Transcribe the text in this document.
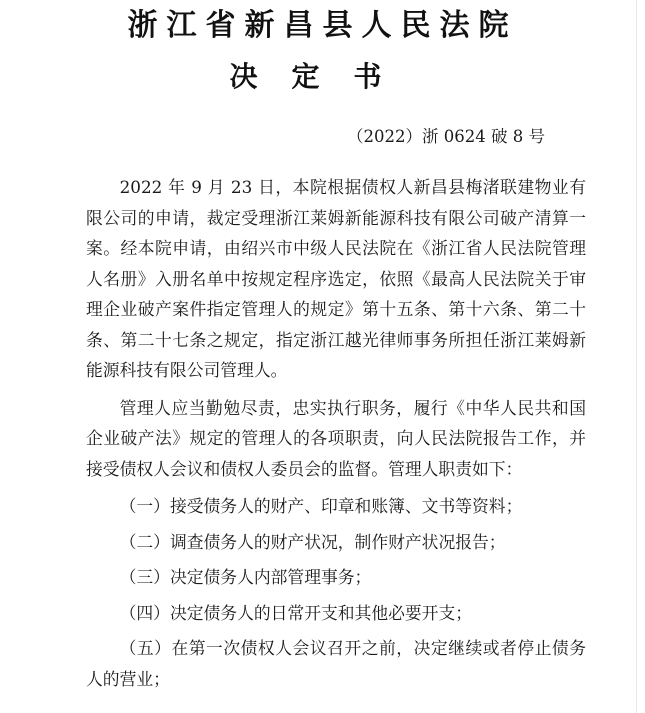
浙江省新昌县人民法院
决定书
（2022）浙 0624 破 8 号

2022 年 9 月 23 日，本院根据债权人新昌县梅渚联建物业有限公司的申请，裁定受理浙江莱姆新能源科技有限公司破产清算一案。经本院申请，由绍兴市中级人民法院在《浙江省人民法院管理人名册》入册名单中按规定程序选定，依照《最高人民法院关于审理企业破产案件指定管理人的规定》第十五条、第十六条、第二十条、第二十七条之规定，指定浙江越光律师事务所担任浙江莱姆新能源科技有限公司管理人。

管理人应当勤勉尽责，忠实执行职务，履行《中华人民共和国企业破产法》规定的管理人的各项职责，向人民法院报告工作，并接受债权人会议和债权人委员会的监督。管理人职责如下：

（一）接受债务人的财产、印章和账簿、文书等资料；

（二）调查债务人的财产状况，制作财产状况报告；

（三）决定债务人内部管理事务；

（四）决定债务人的日常开支和其他必要开支；

（五）在第一次债权人会议召开之前，决定继续或者停止债务人的营业；
